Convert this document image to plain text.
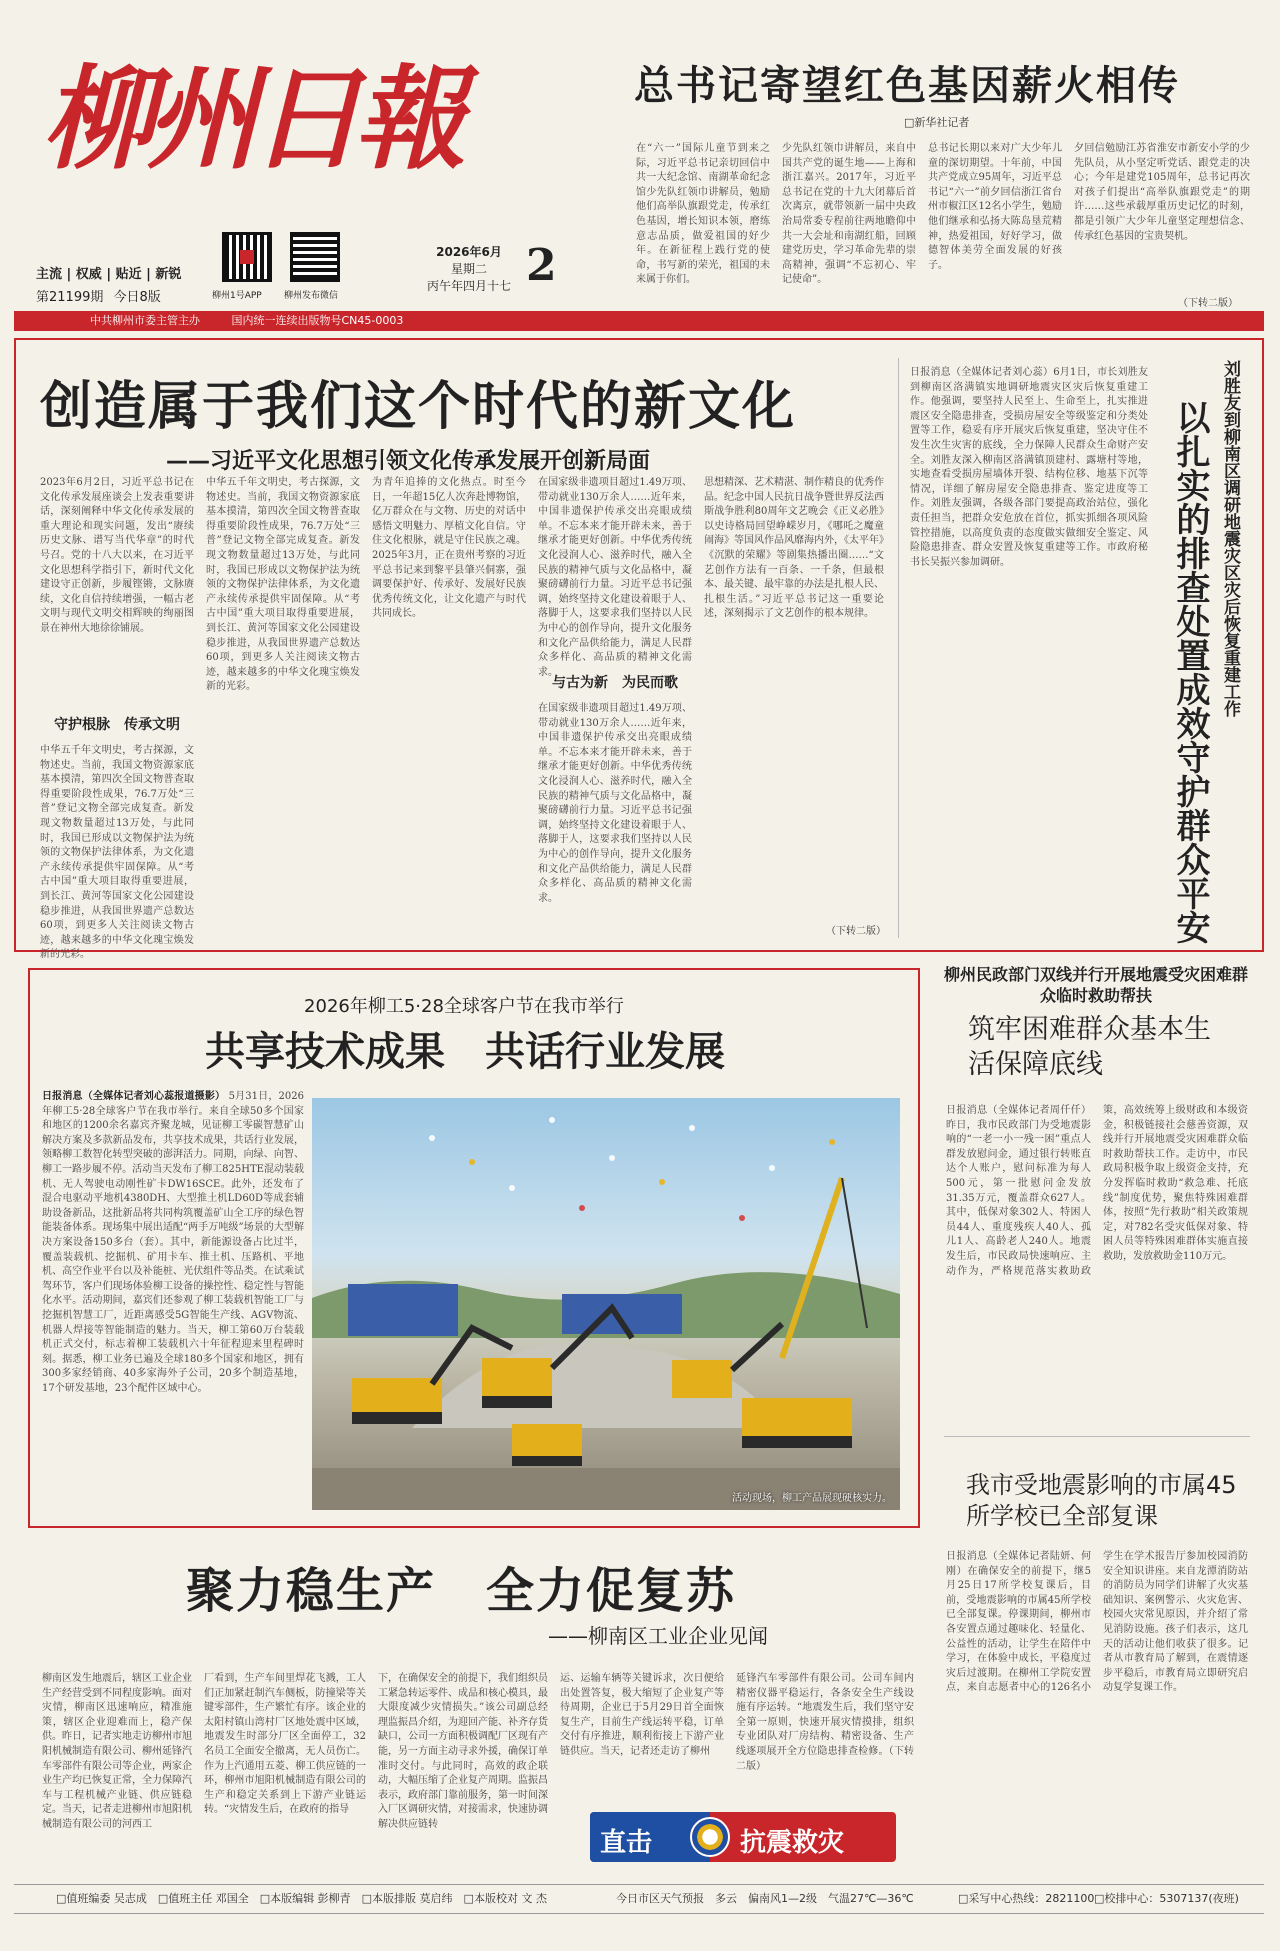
柳州日報
主流 | 权威 | 贴近 | 新锐
第21199期 今日8版	柳州1号APP 柳州发布微信
2026年6月
星期二
丙午年四月十七 2
中共柳州市委主管主办	国内统一连续出版物号CN45-0003
总书记寄望红色基因薪火相传
□新华社记者
在“六一”国际儿童节到来之际，习近平总书记亲切回信中共一大纪念馆、南湖革命纪念馆少先队红领巾讲解员，勉励他们高举队旗跟党走，传承红色基因，增长知识本领，磨练意志品质，做爱祖国的好少年。在新征程上践行党的使命，书写新的荣光，祖国的未来属于你们。
少先队红领巾讲解员，来自中国共产党的诞生地——上海和浙江嘉兴。2017年，习近平总书记在党的十九大闭幕后首次离京，就带领新一届中央政治局常委专程前往两地瞻仰中共一大会址和南湖红船，回顾建党历史，学习革命先辈的崇高精神，强调“不忘初心、牢记使命”。
总书记长期以来对广大少年儿童的深切期望。十年前，中国共产党成立95周年，习近平总书记“六一”前夕回信浙江省台州市椒江区12名小学生，勉励他们继承和弘扬大陈岛垦荒精神，热爱祖国，好好学习，做德智体美劳全面发展的好孩子。
夕回信勉励江苏省淮安市新安小学的少先队员，从小坚定听党话、跟党走的决心；今年是建党105周年，总书记再次对孩子们提出“高举队旗跟党走”的期许……这些承载厚重历史记忆的时刻，都是引领广大少年儿童坚定理想信念、传承红色基因的宝贵契机。
（下转二版）
创造属于我们这个时代的新文化
——习近平文化思想引领文化传承发展开创新局面
2023年6月2日，习近平总书记在文化传承发展座谈会上发表重要讲话，深刻阐释中华文化传承发展的重大理论和现实问题，发出“赓续历史文脉、谱写当代华章”的时代号召。党的十八大以来，在习近平文化思想科学指引下，新时代文化建设守正创新，步履铿锵，文脉赓续，文化自信持续增强，一幅古老文明与现代文明交相辉映的绚丽图景在神州大地徐徐铺展。
守护根脉　传承文明
中华五千年文明史，考古探源，文物述史。当前，我国文物资源家底基本摸清，第四次全国文物普查取得重要阶段性成果，76.7万处“三普”登记文物全部完成复查。新发现文物数量超过13万处，与此同时，我国已形成以文物保护法为统领的文物保护法律体系，为文化遗产永续传承提供牢固保障。从“考古中国”重大项目取得重要进展，到长江、黄河等国家文化公园建设稳步推进，从我国世界遗产总数达60项，到更多人关注阅读文物古迹，越来越多的中华文化瑰宝焕发新的光彩。
中华五千年文明史，考古探源，文物述史。当前，我国文物资源家底基本摸清，第四次全国文物普查取得重要阶段性成果，76.7万处“三普”登记文物全部完成复查。新发现文物数量超过13万处，与此同时，我国已形成以文物保护法为统领的文物保护法律体系，为文化遗产永续传承提供牢固保障。从“考古中国”重大项目取得重要进展，到长江、黄河等国家文化公园建设稳步推进，从我国世界遗产总数达60项，到更多人关注阅读文物古迹，越来越多的中华文化瑰宝焕发新的光彩。
为青年追捧的文化热点。时至今日，一年超15亿人次奔赴博物馆，亿万群众在与文物、历史的对话中感悟文明魅力、厚植文化自信。守住文化根脉，就是守住民族之魂。2025年3月，正在贵州考察的习近平总书记来到黎平县肇兴侗寨，强调要保护好、传承好、发展好民族优秀传统文化，让文化遗产与时代共同成长。
在国家级非遗项目超过1.49万项、带动就业130万余人……近年来，中国非遗保护传承交出亮眼成绩单。不忘本来才能开辟未来，善于继承才能更好创新。中华优秀传统文化浸润人心、滋养时代，融入全民族的精神气质与文化品格中，凝聚磅礴前行力量。习近平总书记强调，始终坚持文化建设着眼于人、落脚于人，这要求我们坚持以人民为中心的创作导向，提升文化服务和文化产品供给能力，满足人民群众多样化、高品质的精神文化需求。
与古为新　为民而歌
在国家级非遗项目超过1.49万项、带动就业130万余人……近年来，中国非遗保护传承交出亮眼成绩单。不忘本来才能开辟未来，善于继承才能更好创新。中华优秀传统文化浸润人心、滋养时代，融入全民族的精神气质与文化品格中，凝聚磅礴前行力量。习近平总书记强调，始终坚持文化建设着眼于人、落脚于人，这要求我们坚持以人民为中心的创作导向，提升文化服务和文化产品供给能力，满足人民群众多样化、高品质的精神文化需求。
思想精深、艺术精湛、制作精良的优秀作品。纪念中国人民抗日战争暨世界反法西斯战争胜利80周年文艺晚会《正义必胜》以史诗格局回望峥嵘岁月，《哪吒之魔童闹海》等国风作品风靡海内外，《太平年》《沉默的荣耀》等剧集热播出圈……“文艺创作方法有一百条、一千条，但最根本、最关键、最牢靠的办法是扎根人民、扎根生活。”习近平总书记这一重要论述，深刻揭示了文艺创作的根本规律。
（下转二版）
刘胜友到柳南区调研地震灾区灾后恢复重建工作
以扎实的排查处置成效守护群众平安
日报消息（全媒体记者刘心蕊）6月1日，市长刘胜友到柳南区洛满镇实地调研地震灾区灾后恢复重建工作。他强调，要坚持人民至上、生命至上，扎实推进震区安全隐患排查，受损房屋安全等级鉴定和分类处置等工作，稳妥有序开展灾后恢复重建，坚决守住不发生次生灾害的底线，全力保障人民群众生命财产安全。刘胜友深入柳南区洛满镇顶建村、露塘村等地，实地查看受损房屋墙体开裂、结构位移、地基下沉等情况，详细了解房屋安全隐患排查、鉴定进度等工作。刘胜友强调，各级各部门要提高政治站位，强化责任担当，把群众安危放在首位，抓实抓细各项风险管控措施，以高度负责的态度做实做细安全鉴定、风险隐患排查、群众安置及恢复重建等工作。市政府秘书长吴振兴参加调研。
2026年柳工5·28全球客户节在我市举行
共享技术成果　共话行业发展
日报消息（全媒体记者刘心蕊报道摄影） 5月31日，2026年柳工5·28全球客户节在我市举行。来自全球50多个国家和地区的1200余名嘉宾齐聚龙城，见证柳工零碳智慧矿山解决方案及多款新品发布，共享技术成果，共话行业发展，领略柳工数智化转型突破的澎湃活力。同期，向绿、向智、柳工一路步履不停。活动当天发布了柳工825HTE混动装载机、无人驾驶电动刚性矿卡DW16SCE。此外，还发布了混合电驱动平地机4380DH、大型推土机LD60D等成套辅助设备新品，这批新品将共同构筑覆盖矿山全工序的绿色智能装备体系。现场集中展出适配“两手万吨级”场景的大型解决方案设备150多台（套）。其中，新能源设备占比过半，覆盖装载机、挖掘机、矿用卡车、推土机、压路机、平地机、高空作业平台以及补能桩、光伏组件等品类。在试乘试驾环节，客户们现场体验柳工设备的操控性、稳定性与智能化水平。活动期间，嘉宾们还参观了柳工装载机智能工厂与挖掘机智慧工厂，近距离感受5G智能生产线、AGV物流、机器人焊接等智能制造的魅力。当天，柳工第60万台装载机正式交付，标志着柳工装载机六十年征程迎来里程碑时刻。据悉，柳工业务已遍及全球180多个国家和地区，拥有300多家经销商、40多家海外子公司，20多个制造基地，17个研发基地，23个配件区域中心。
活动现场，柳工产品展现硬核实力。
柳州民政部门双线并行开展地震受灾困难群众临时救助帮扶
筑牢困难群众基本生活保障底线
日报消息（全媒体记者周仟仟）昨日，我市民政部门为受地震影响的“一老一小一残一困”重点人群发放慰问金，通过银行转账直达个人账户，慰问标准为每人500元，第一批慰问金发放31.35万元，覆盖群众627人。其中，低保对象302人、特困人员44人、重度残疾人40人、孤儿1人、高龄老人240人。地震发生后，市民政局快速响应、主动作为，严格规范落实救助政策，高效统筹上级财政和本级资金，积极链接社会慈善资源，双线并行开展地震受灾困难群众临时救助帮扶工作。走访中，市民政局积极争取上级资金支持，充分发挥临时救助“救急难、托底线”制度优势，聚焦特殊困难群体，按照“先行救助”相关政策规定，对782名受灾低保对象、特困人员等特殊困难群体实施直接救助，发放救助金110万元。
我市受地震影响的市属45所学校已全部复课
日报消息（全媒体记者陆妍、何刚）在确保安全的前提下，继5月25日17所学校复课后，目前，受地震影响的市属45所学校已全部复课。停课期间，柳州市各安置点通过趣味化、轻量化、公益性的活动，让学生在陪伴中学习，在体验中成长，平稳度过灾后过渡期。在柳州工学院安置点，来自志愿者中心的126名小学生在学术报告厅参加校园消防安全知识讲座。来自龙潭消防站的消防员为同学们讲解了火灾基础知识、案例警示、火灾危害、校园火灾常见原因，并介绍了常见消防设施。孩子们表示，这几天的活动让他们收获了很多。记者从市教育局了解到，在震情逐步平稳后，市教育局立即研究启动复学复课工作。
聚力稳生产　全力促复苏
——柳南区工业企业见闻
柳南区发生地震后，辖区工业企业生产经营受到不同程度影响。面对灾情，柳南区迅速响应，精准施策，辖区企业迎难而上，稳产保供。昨日，记者实地走访柳州市旭阳机械制造有限公司、柳州延锋汽车零部件有限公司等企业，两家企业生产均已恢复正常，全力保障汽车与工程机械产业链、供应链稳定。当天，记者走进柳州市旭阳机械制造有限公司的河西工
厂看到，生产车间里焊花飞溅，工人们正加紧赶制汽车侧板，防撞梁等关键零部件，生产繁忙有序。该企业的太阳村镇山湾村厂区地处震中区域，地震发生时部分厂区全面停工，32名员工全面安全撤离，无人员伤亡。作为上汽通用五菱、柳工供应链的一环，柳州市旭阳机械制造有限公司的生产和稳定关系到上下游产业链运转。“灾情发生后，在政府的指导
下，在确保安全的前提下，我们组织员工紧急转运零件、成品和核心模具，最大限度减少灾情损失。”该公司副总经理监振昌介绍，为迎回产能、补齐存货缺口，公司一方面积极调配厂区现有产能，另一方面主动寻求外援，确保订单准时交付。与此同时，高效的政企联动，大幅压缩了企业复产周期。监振昌表示，政府部门靠前服务，第一时间深入厂区调研灾情，对接需求，快速协调解决供应链转
运、运输车辆等关键诉求，次日便给出处置答复，极大缩短了企业复产等待周期，企业已于5月29日首全面恢复生产，目前生产线运转平稳，订单交付有序推进，顺利衔接上下游产业链供应。当天，记者还走访了柳州
延锋汽车零部件有限公司。公司车间内精密仪器平稳运行，各条安全生产线设施有序运转。“地震发生后，我们坚守安全第一原则，快速开展灾情摸排，组织专业团队对厂房结构、精密设备、生产线逐项展开全方位隐患排查检修。（下转二版）
直击	抗震救灾
□值班编委 吴志成　□值班主任 邓国全　□本版编辑 彭柳青　□本版排版 莫启纬　□本版校对 文 杰	今日市区天气预报　多云　偏南风1—2级　气温27℃—36℃	□采写中心热线：2821100 □校排中心：5307137(夜班)
